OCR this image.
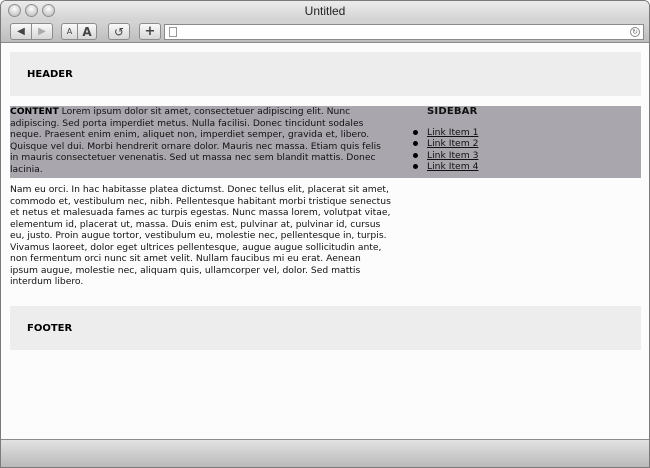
Untitled
◀ ▶	A A ↺ +	↻
HEADER

CONTENT Lorem ipsum dolor sit amet, consectetuer adipiscing elit. Nunc adipiscing. Sed porta imperdiet metus. Nulla facilisi. Donec tincidunt sodales neque. Praesent enim enim, aliquet non, imperdiet semper, gravida et, libero. Quisque vel dui. Morbi hendrerit ornare dolor. Mauris nec massa. Etiam quis felis in mauris consectetuer venenatis. Sed ut massa nec sem blandit mattis. Donec lacinia.

Nam eu orci. In hac habitasse platea dictumst. Donec tellus elit, placerat sit amet, commodo et, vestibulum nec, nibh. Pellentesque habitant morbi tristique senectus et netus et malesuada fames ac turpis egestas. Nunc massa lorem, volutpat vitae, elementum id, placerat ut, massa. Duis enim est, pulvinar at, pulvinar id, cursus eu, justo. Proin augue tortor, vestibulum eu, molestie nec, pellentesque in, turpis. Vivamus laoreet, dolor eget ultrices pellentesque, augue augue sollicitudin ante, non fermentum orci nunc sit amet velit. Nullam faucibus mi eu erat. Aenean ipsum augue, molestie nec, aliquam quis, ullamcorper vel, dolor. Sed mattis interdum libero.

SIDEBAR
Link Item 1
Link Item 2
Link Item 3
Link Item 4
FOOTER
